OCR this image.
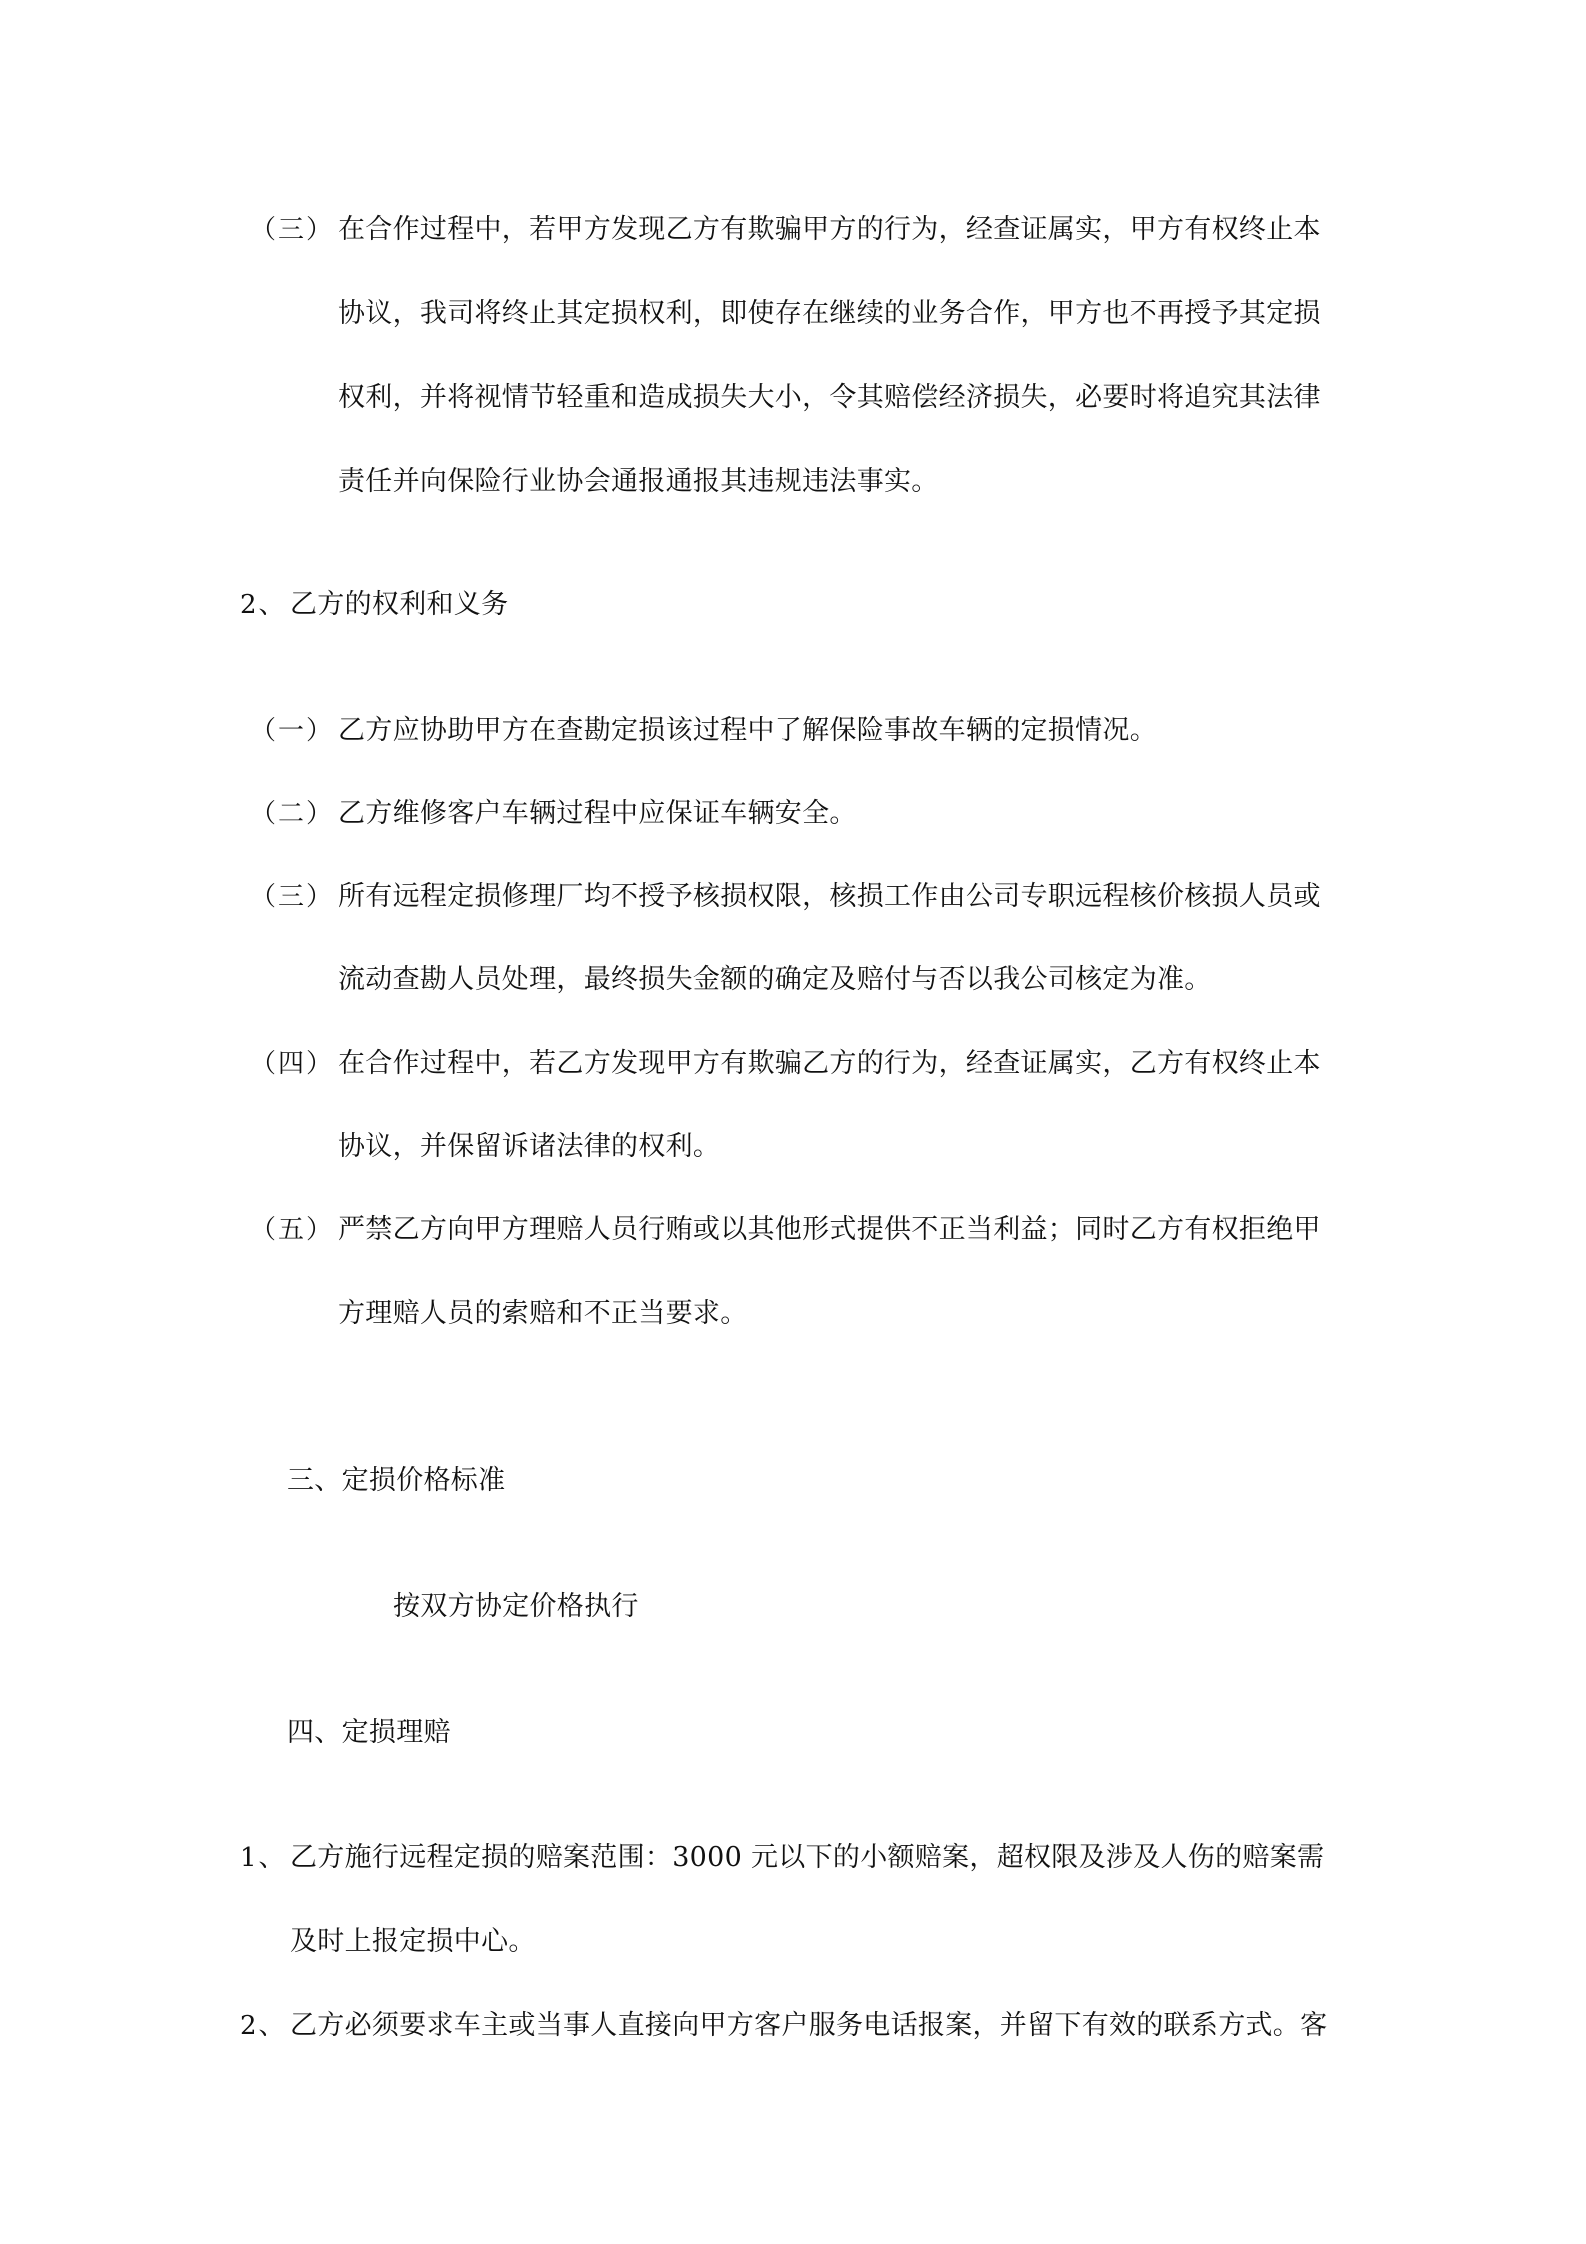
（三） 在合作过程中，若甲方发现乙方有欺骗甲方的行为，经查证属实，甲方有权终止本
协议，我司将终止其定损权利，即使存在继续的业务合作，甲方也不再授予其定损
权利，并将视情节轻重和造成损失大小，令其赔偿经济损失，必要时将追究其法律
责任并向保险行业协会通报通报其违规违法事实。
2、 乙方的权利和义务
（一） 乙方应协助甲方在查勘定损该过程中了解保险事故车辆的定损情况。
（二） 乙方维修客户车辆过程中应保证车辆安全。
（三） 所有远程定损修理厂均不授予核损权限，核损工作由公司专职远程核价核损人员或
流动查勘人员处理，最终损失金额的确定及赔付与否以我公司核定为准。
（四） 在合作过程中，若乙方发现甲方有欺骗乙方的行为，经查证属实，乙方有权终止本
协议，并保留诉诸法律的权利。
（五） 严禁乙方向甲方理赔人员行贿或以其他形式提供不正当利益；同时乙方有权拒绝甲
方理赔人员的索赔和不正当要求。
三、定损价格标准
按双方协定价格执行
四、定损理赔
1、 乙方施行远程定损的赔案范围：3000 元以下的小额赔案，超权限及涉及人伤的赔案需
及时上报定损中心。
2、 乙方必须要求车主或当事人直接向甲方客户服务电话报案，并留下有效的联系方式。客
